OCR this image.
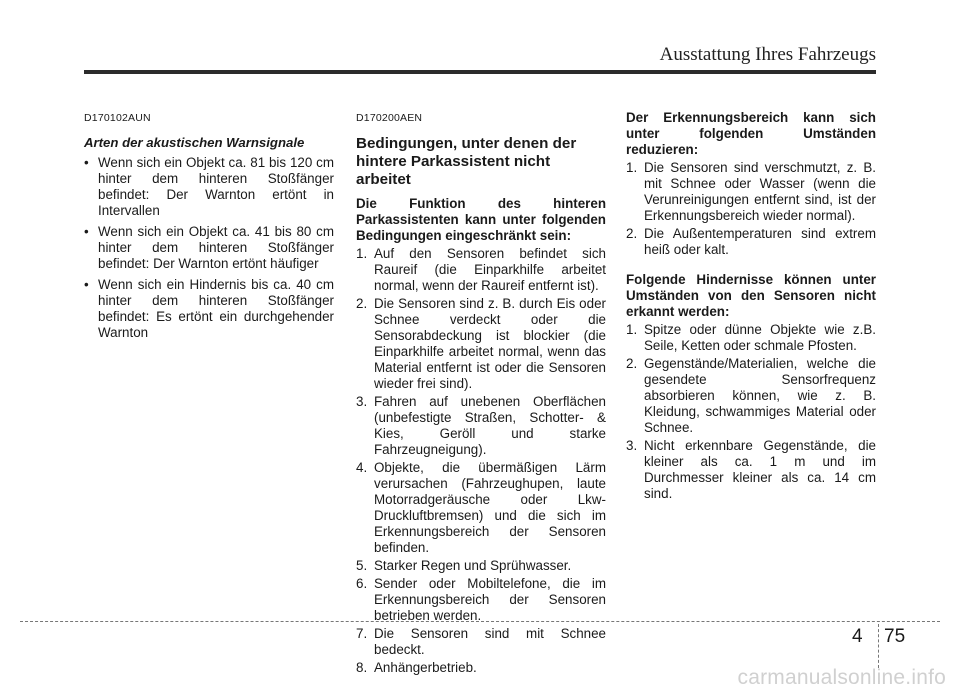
Ausstattung Ihres Fahrzeugs
D170102AUN
Arten der akustischen Warnsignale
• Wenn sich ein Objekt ca. 81 bis 120 cm hinter dem hinteren Stoßfänger befindet: Der Warnton ertönt in Intervallen
• Wenn sich ein Objekt ca. 41 bis 80 cm hinter dem hinteren Stoßfänger befindet: Der Warnton ertönt häufiger
• Wenn sich ein Hindernis bis ca. 40 cm hinter dem hinteren Stoßfänger befindet: Es ertönt ein durchgehender Warnton
D170200AEN
Bedingungen, unter denen der hintere Parkassistent nicht arbeitet
Die Funktion des hinteren Parkassistenten kann unter folgenden Bedingungen eingeschränkt sein:
1. Auf den Sensoren befindet sich Raureif (die Einparkhilfe arbeitet normal, wenn der Raureif entfernt ist).
2. Die Sensoren sind z. B. durch Eis oder Schnee verdeckt oder die Sensorabdeckung ist blockier (die Einparkhilfe arbeitet normal, wenn das Material entfernt ist oder die Sensoren wieder frei sind).
3. Fahren auf unebenen Oberflächen (unbefestigte Straßen, Schotter- & Kies, Geröll und starke Fahrzeugneigung).
4. Objekte, die übermäßigen Lärm verursachen (Fahrzeughupen, laute Motorradgeräusche oder Lkw-Druckluftbremsen) und die sich im Erkennungsbereich der Sensoren befinden.
5. Starker Regen und Sprühwasser.
6. Sender oder Mobiltelefone, die im Erkennungsbereich der Sensoren betrieben werden.
7. Die Sensoren sind mit Schnee bedeckt.
8. Anhängerbetrieb.
Der Erkennungsbereich kann sich unter folgenden Umständen reduzieren:
1. Die Sensoren sind verschmutzt, z. B. mit Schnee oder Wasser (wenn die Verunreinigungen entfernt sind, ist der Erkennungsbereich wieder normal).
2. Die Außentemperaturen sind extrem heiß oder kalt.
Folgende Hindernisse können unter Umständen von den Sensoren nicht erkannt werden:
1. Spitze oder dünne Objekte wie z.B. Seile, Ketten oder schmale Pfosten.
2. Gegenstände/Materialien, welche die gesendete Sensorfrequenz absorbieren können, wie z. B. Kleidung, schwammiges Material oder Schnee.
3. Nicht erkennbare Gegenstände, die kleiner als ca. 1 m und im Durchmesser kleiner als ca. 14 cm sind.
4 75
carmanualsonline.info
